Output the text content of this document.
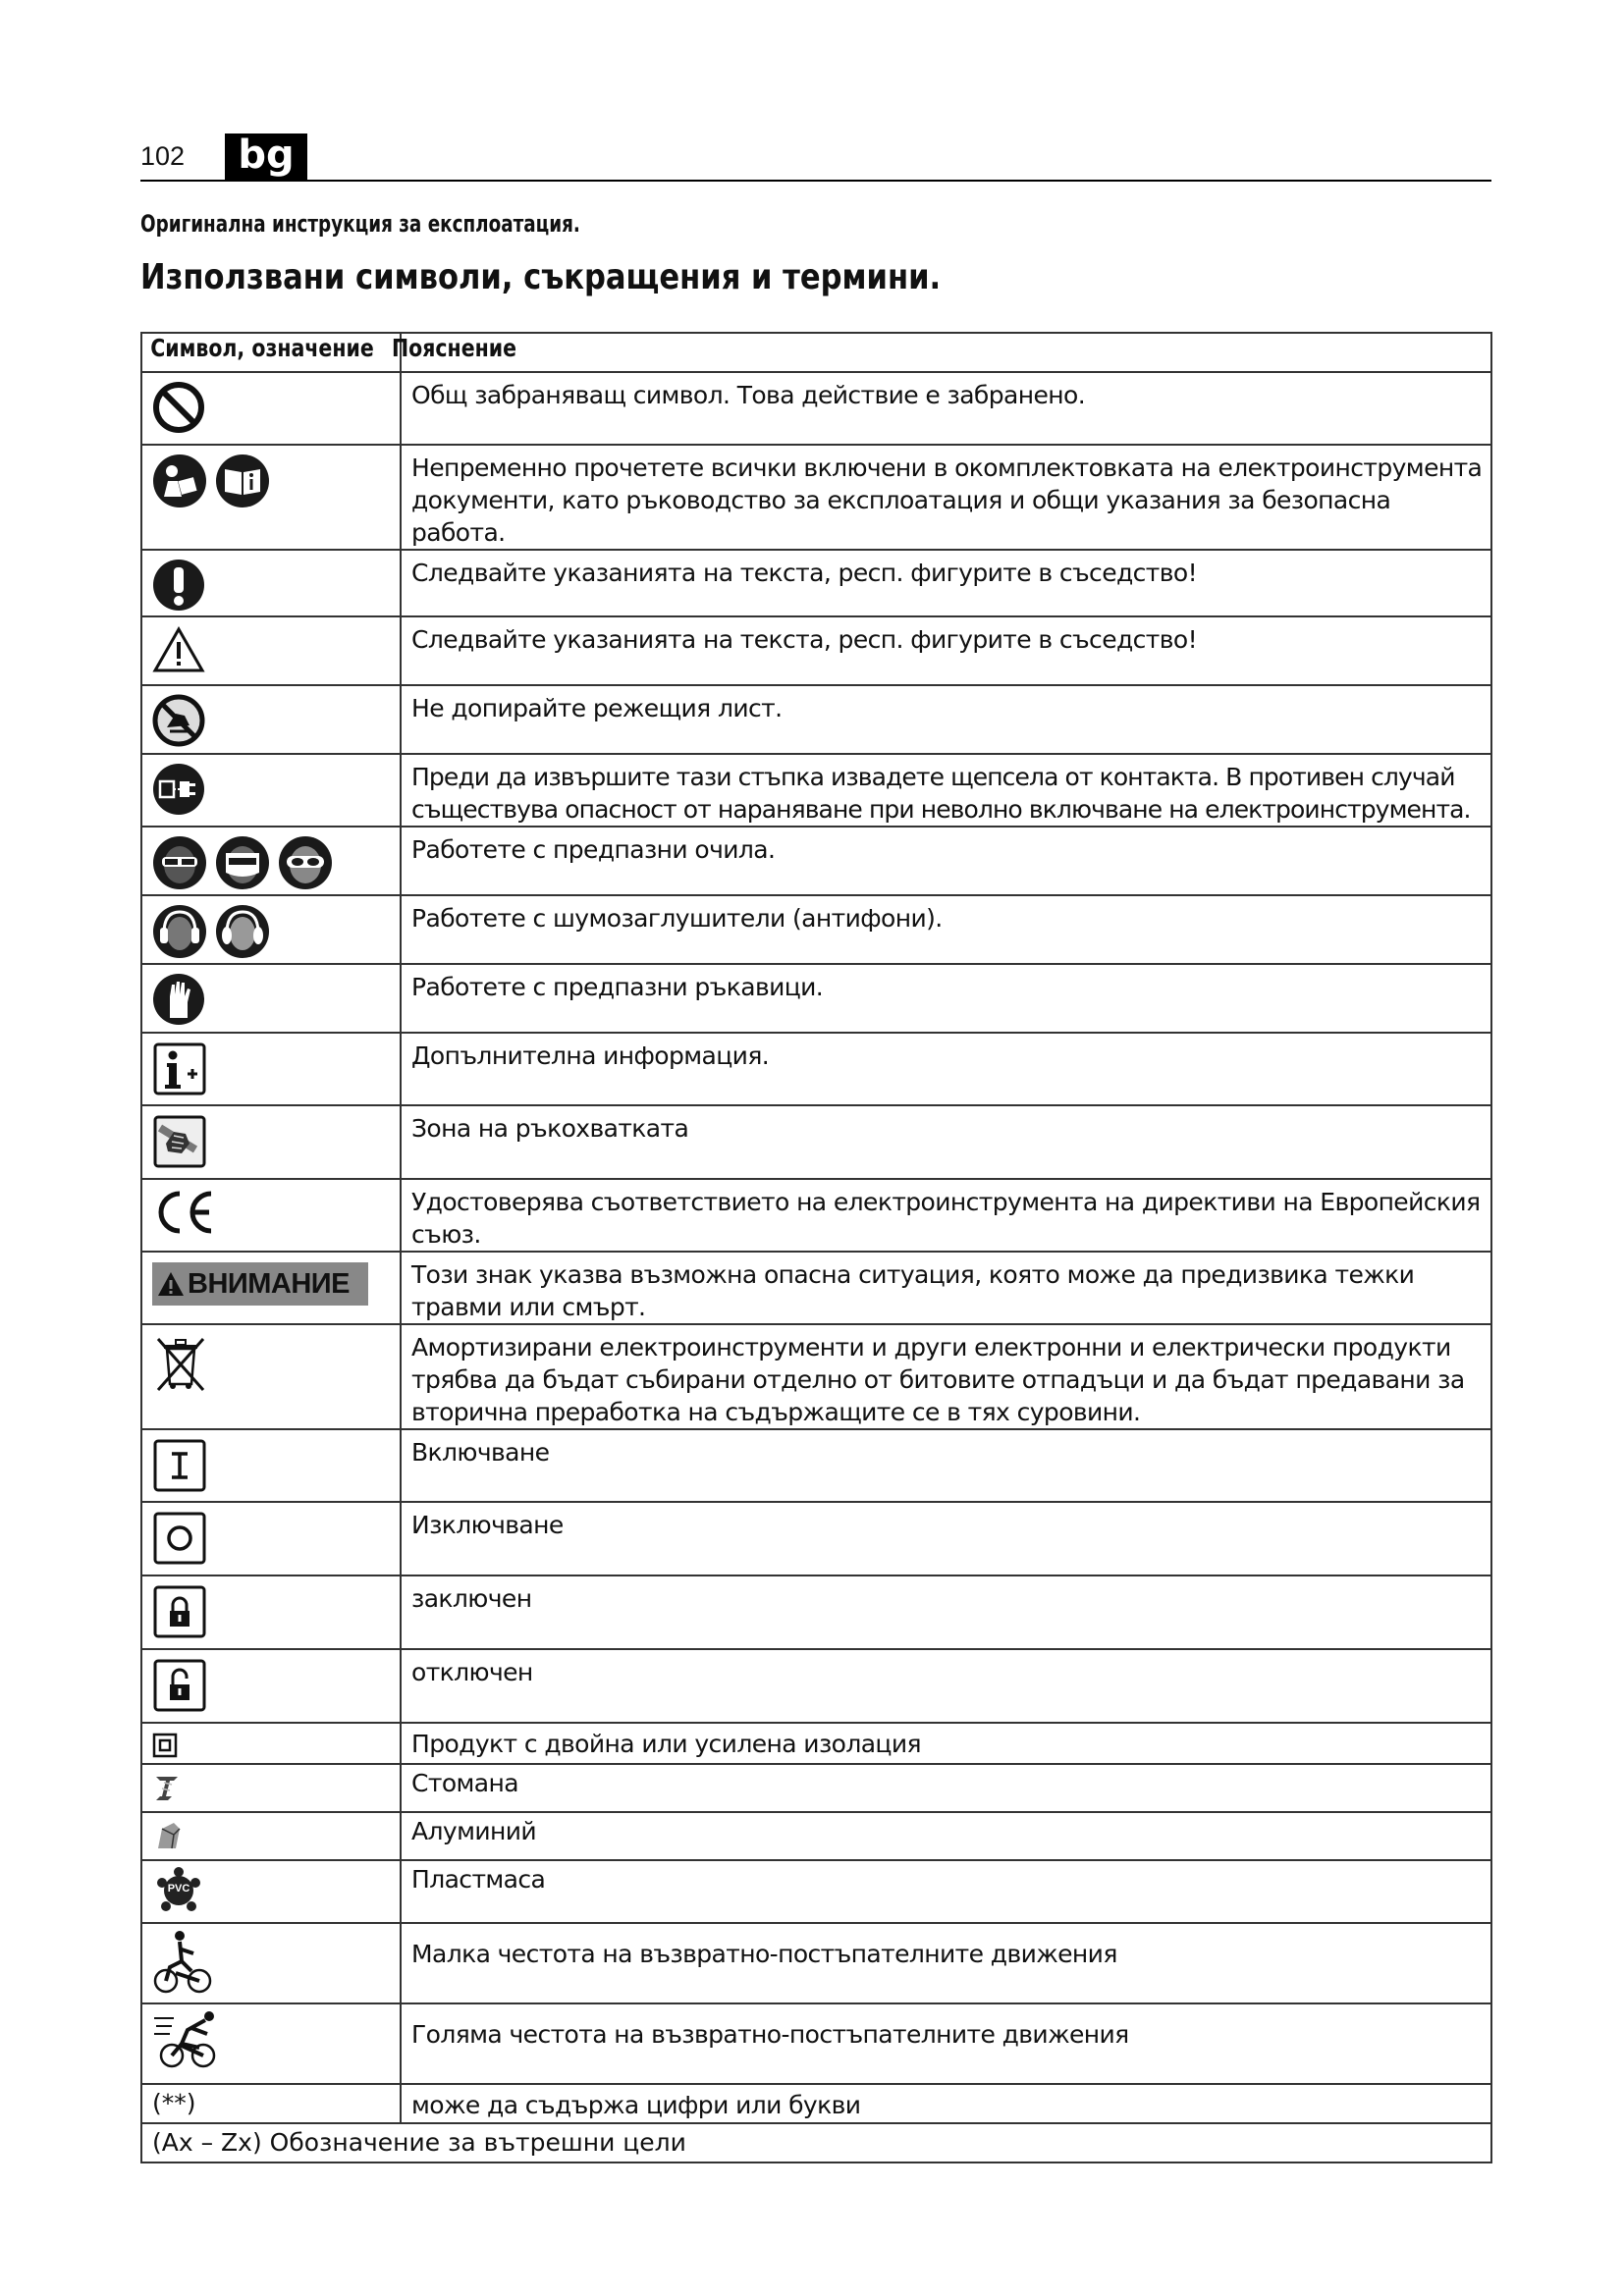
102	bg
Оригинална инструкция за експлоатация.
Използвани символи, съкращения и термини.
Символ, означение	Пояснение

	Общ забраняващ символ. Това действие е забранено.

	Непременно прочетете всички включени в окомплектовката на електроинструмента документи, като ръководство за експлоатация и общи указания за безопасна работа.

	Следвайте указанията на текста, респ. фигурите в съседство!

	Следвайте указанията на текста, респ. фигурите в съседство!

	Не допирайте режещия лист.

	Преди да извършите тази стъпка извадете щепсела от контакта. В противен случай съществува опасност от нараняване при неволно включване на електроинструмента.

	Работете с предпазни очила.

	Работете с шумозаглушители (антифони).

	Работете с предпазни ръкавици.

	Допълнителна информация.

	Зона на ръкохватката

	Удостоверява съответствието на електроинструмента на директиви на Европейския съюз.

ВНИМАНИЕ	Този знак указва възможна опасна ситуация, която може да предизвика тежки травми или смърт.

	Амортизирани електроинструменти и други електронни и електрически продукти трябва да бъдат събирани отделно от битовите отпадъци и да бъдат предавани за вторична преработка на съдържащите се в тях суровини.

	Включване

	Изключване

	заключен

	отключен

	Продукт с двойна или усилена изолация

	Стомана

	Алуминий

PVC	Пластмаса

	Малка честота на възвратно-постъпателните движения

	Голяма честота на възвратно-постъпателните движения
(**)	може да съдържа цифри или букви
(Ax – Zx) Обозначение за вътрешни цели	
